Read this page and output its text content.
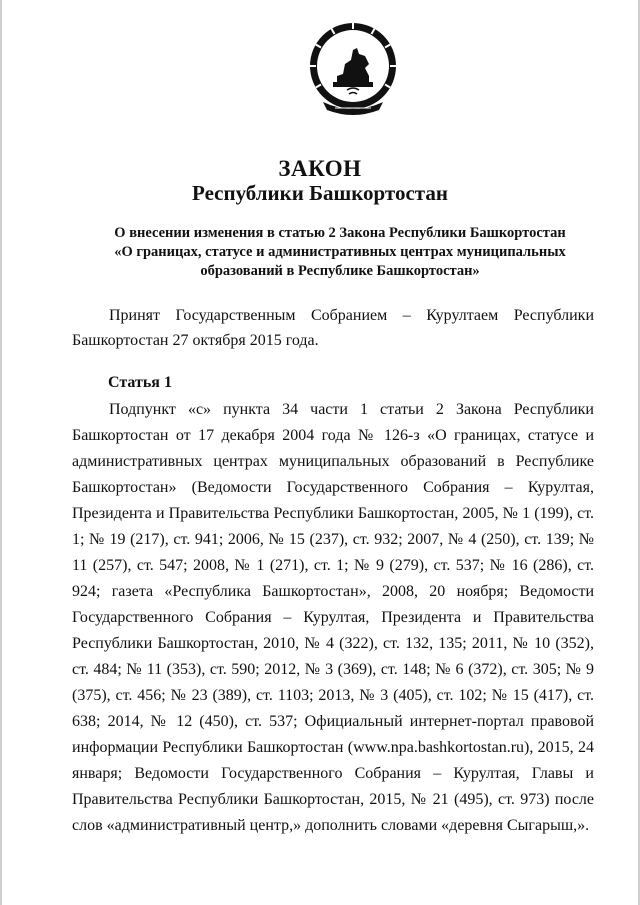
ЗАКОН
Республики Башкортостан
О внесении изменения в статью 2 Закона Республики Башкортостан
«О границах, статусе и административных центрах муниципальных
образований в Республике Башкортостан»

Принят Государственным Собранием – Курултаем Республики Башкортостан 27 октября 2015 года.

Статья 1

Подпункт «с» пункта 34 части 1 статьи 2 Закона Республики Башкортостан от 17 декабря 2004 года № 126-з «О границах, статусе и административных центрах муниципальных образований в Республике Башкортостан» (Ведомости Государственного Собрания – Курултая, Президента и Правительства Республики Башкортостан, 2005, № 1 (199), ст. 1; № 19 (217), ст. 941; 2006, № 15 (237), ст. 932; 2007, № 4 (250), ст. 139; № 11 (257), ст. 547; 2008, № 1 (271), ст. 1; № 9 (279), ст. 537; № 16 (286), ст. 924; газета «Республика Башкортостан», 2008, 20 ноября; Ведомости Государственного Собрания – Курултая, Президента и Правительства Республики Башкортостан, 2010, № 4 (322), ст. 132, 135; 2011, № 10 (352), ст. 484; № 11 (353), ст. 590; 2012, № 3 (369), ст. 148; № 6 (372), ст. 305; № 9 (375), ст. 456; № 23 (389), ст. 1103; 2013, № 3 (405), ст. 102; № 15 (417), ст. 638; 2014, № 12 (450), ст. 537; Официальный интернет-портал правовой информации Республики Башкортостан (www.npa.bashkortostan.ru), 2015, 24 января; Ведомости Государственного Собрания – Курултая, Главы и Правительства Республики Башкортостан, 2015, № 21 (495), ст. 973) после слов «административный центр,» дополнить словами «деревня Сыгарыш,».
